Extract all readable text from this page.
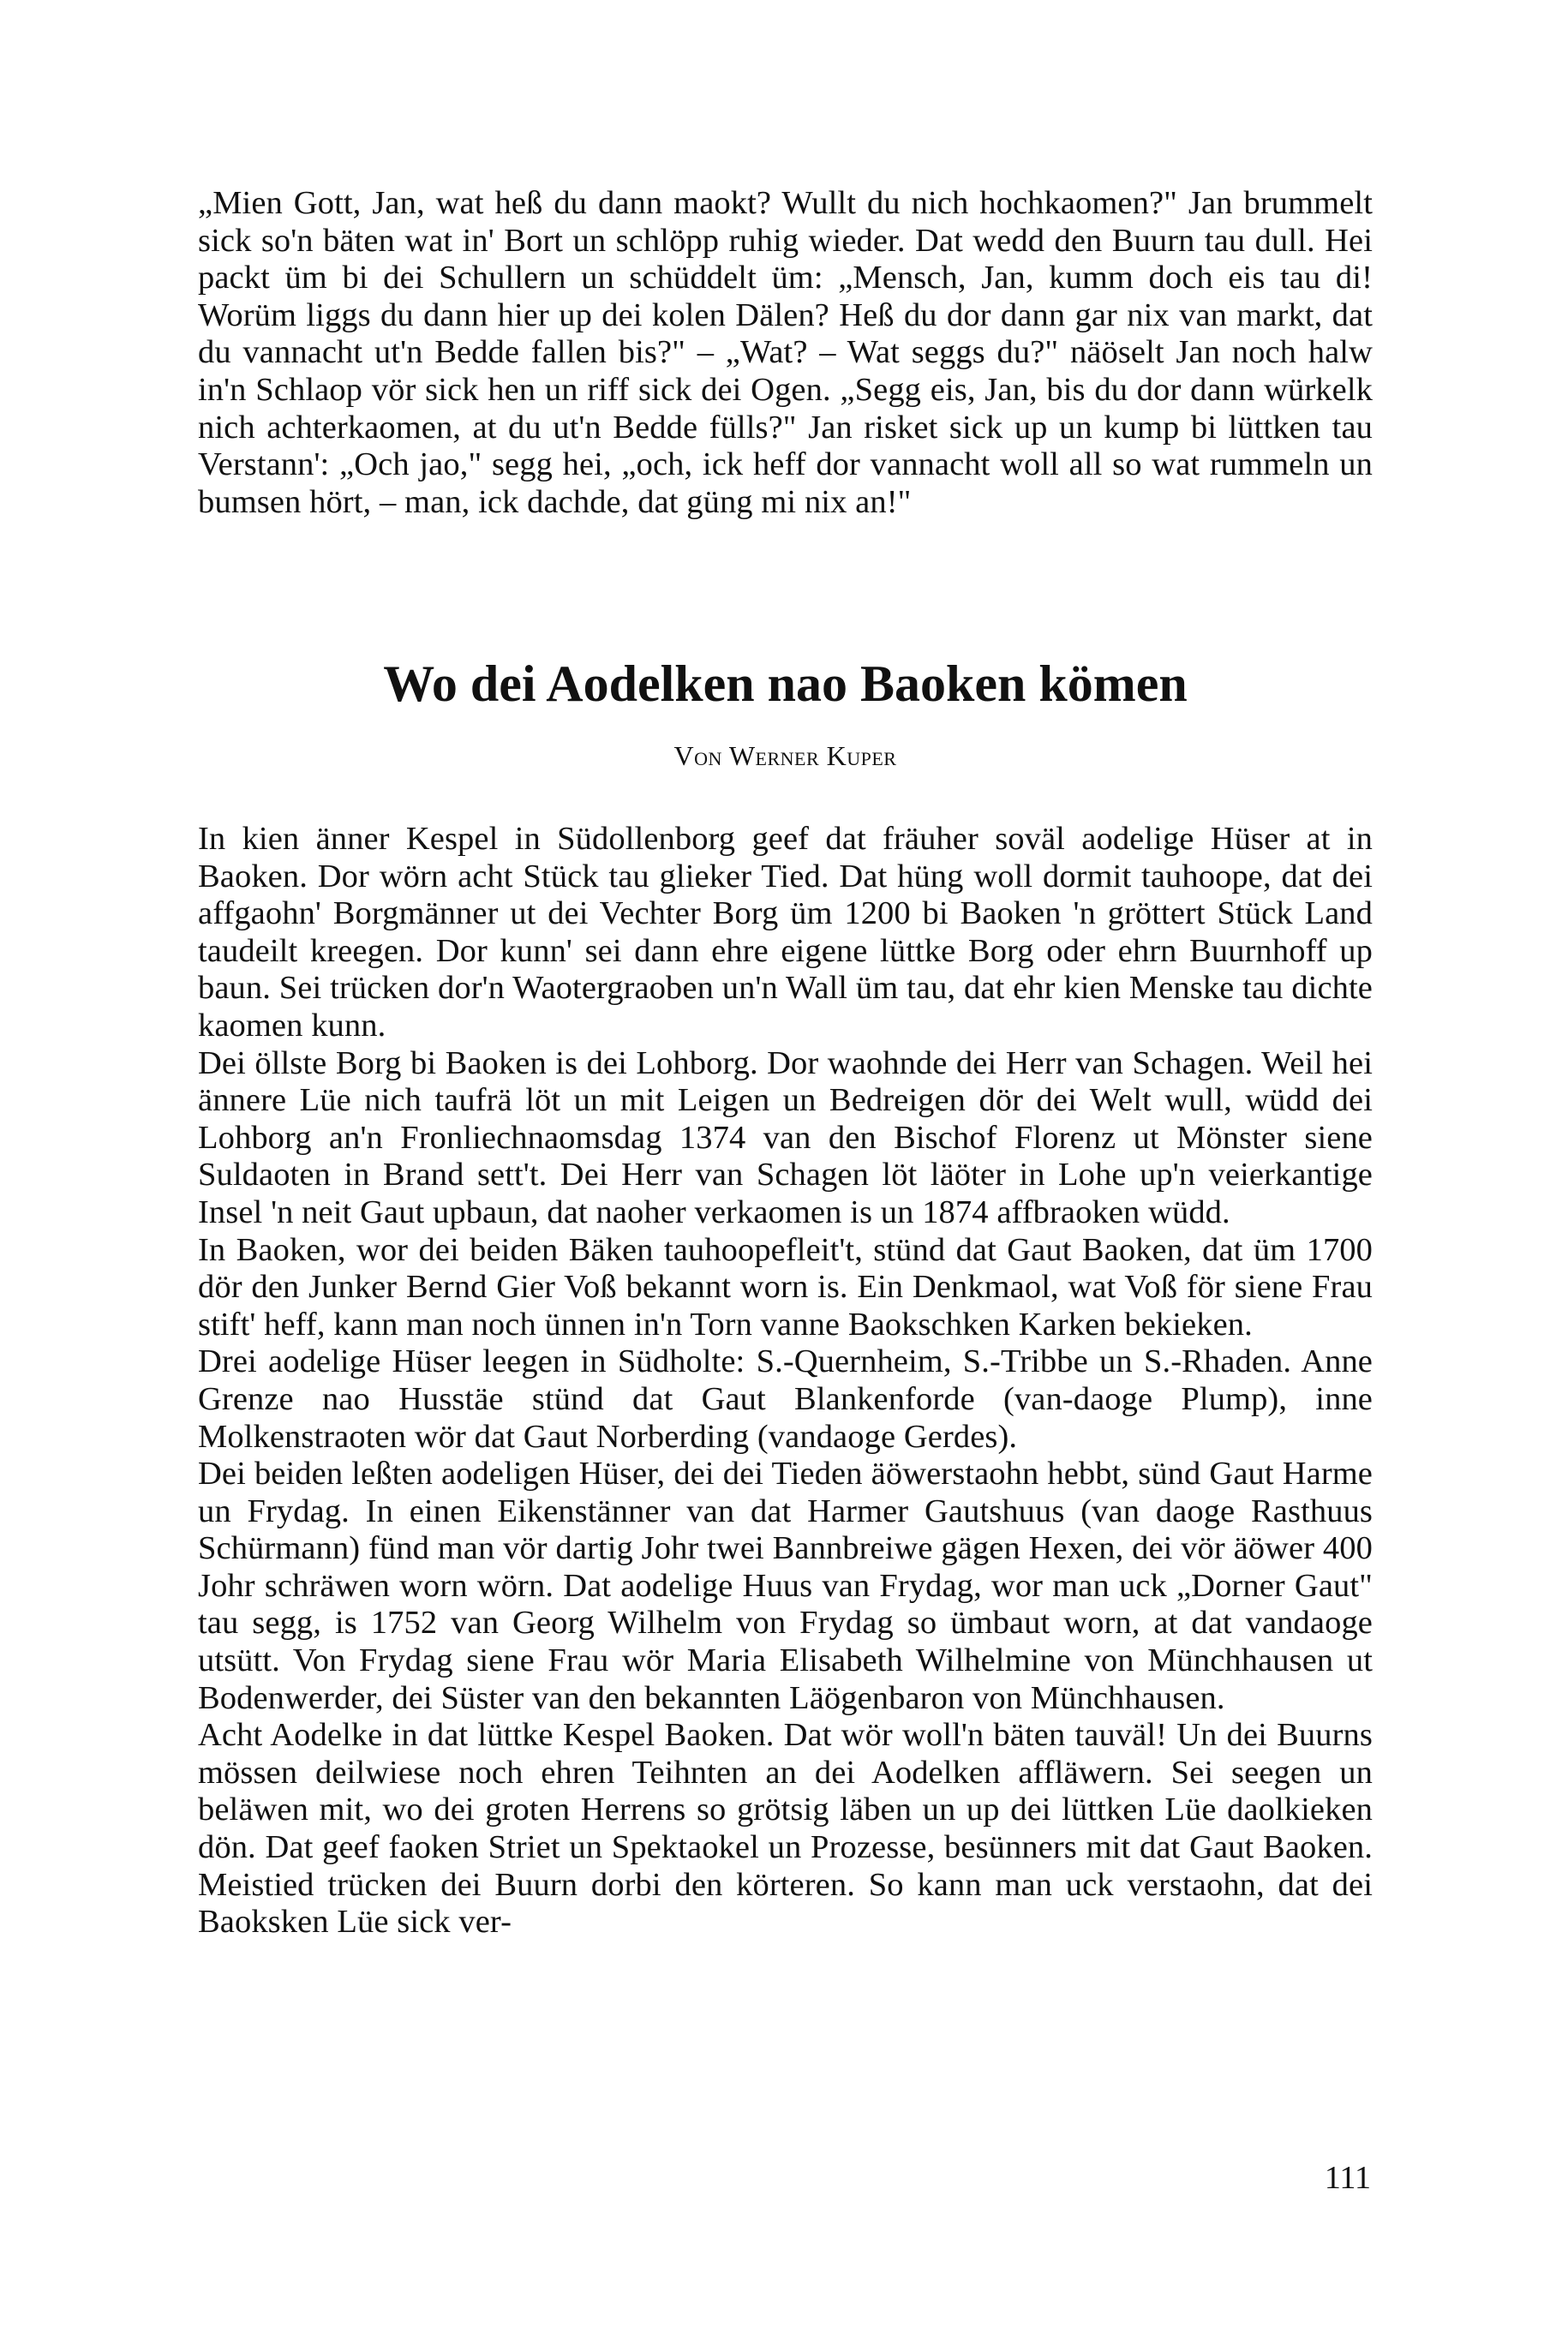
„Mien Gott, Jan, wat heß du dann maokt? Wullt du nich hochkaomen?" Jan brummelt sick so'n bäten wat in' Bort un schlöpp ruhig wieder. Dat wedd den Buurn tau dull. Hei packt üm bi dei Schullern un schüddelt üm: „Mensch, Jan, kumm doch eis tau di! Worüm liggs du dann hier up dei kolen Dälen? Heß du dor dann gar nix van markt, dat du vannacht ut'n Bedde fallen bis?" – „Wat? – Wat seggs du?" näöselt Jan noch halw in'n Schlaop vör sick hen un riff sick dei Ogen. „Segg eis, Jan, bis du dor dann würkelk nich achterkaomen, at du ut'n Bedde fülls?" Jan risket sick up un kump bi lüttken tau Verstann': „Och jao," segg hei, „och, ick heff dor vannacht woll all so wat rummeln un bumsen hört, – man, ick dachde, dat güng mi nix an!"

Wo dei Aodelken nao Baoken kömen

Von Werner Kuper

In kien änner Kespel in Südollenborg geef dat fräuher soväl aodelige Hüser at in Baoken. Dor wörn acht Stück tau glieker Tied. Dat hüng woll dormit tauhoope, dat dei affgaohn' Borgmänner ut dei Vechter Borg üm 1200 bi Baoken 'n gröttert Stück Land taudeilt kreegen. Dor kunn' sei dann ehre eigene lüttke Borg oder ehrn Buurnhoff up baun. Sei trücken dor'n Waotergraoben un'n Wall üm tau, dat ehr kien Menske tau dichte kaomen kunn.

Dei öllste Borg bi Baoken is dei Lohborg. Dor waohnde dei Herr van Schagen. Weil hei ännere Lüe nich taufrä löt un mit Leigen un Bedreigen dör dei Welt wull, wüdd dei Lohborg an'n Fronliechnaomsdag 1374 van den Bischof Florenz ut Mönster siene Suldaoten in Brand sett't. Dei Herr van Schagen löt läöter in Lohe up'n veierkantige Insel 'n neit Gaut upbaun, dat naoher verkaomen is un 1874 affbraoken wüdd.

In Baoken, wor dei beiden Bäken tauhoopefleit't, stünd dat Gaut Baoken, dat üm 1700 dör den Junker Bernd Gier Voß bekannt worn is. Ein Denkmaol, wat Voß för siene Frau stift' heff, kann man noch ünnen in'n Torn vanne Baokschken Karken bekieken.

Drei aodelige Hüser leegen in Südholte: S.-Quernheim, S.-Tribbe un S.-Rhaden. Anne Grenze nao Husstäe stünd dat Gaut Blankenforde (van-daoge Plump), inne Molkenstraoten wör dat Gaut Norberding (vandaoge Gerdes).

Dei beiden leßten aodeligen Hüser, dei dei Tieden äöwerstaohn hebbt, sünd Gaut Harme un Frydag. In einen Eikenstänner van dat Harmer Gautshuus (van daoge Rasthuus Schürmann) fünd man vör dartig Johr twei Bannbreiwe gägen Hexen, dei vör äöwer 400 Johr schräwen worn wörn. Dat aodelige Huus van Frydag, wor man uck „Dorner Gaut" tau segg, is 1752 van Georg Wilhelm von Frydag so ümbaut worn, at dat vandaoge utsütt. Von Frydag siene Frau wör Maria Elisabeth Wilhelmine von Münchhausen ut Bodenwerder, dei Süster van den bekannten Läögenbaron von Münchhausen.

Acht Aodelke in dat lüttke Kespel Baoken. Dat wör woll'n bäten tauväl! Un dei Buurns mössen deilwiese noch ehren Teihnten an dei Aodelken affläwern. Sei seegen un beläwen mit, wo dei groten Herrens so grötsig läben un up dei lüttken Lüe daolkieken dön. Dat geef faoken Striet un Spektaokel un Prozesse, besünners mit dat Gaut Baoken. Meistied trücken dei Buurn dorbi den körteren. So kann man uck verstaohn, dat dei Baoksken Lüe sick ver-

111
